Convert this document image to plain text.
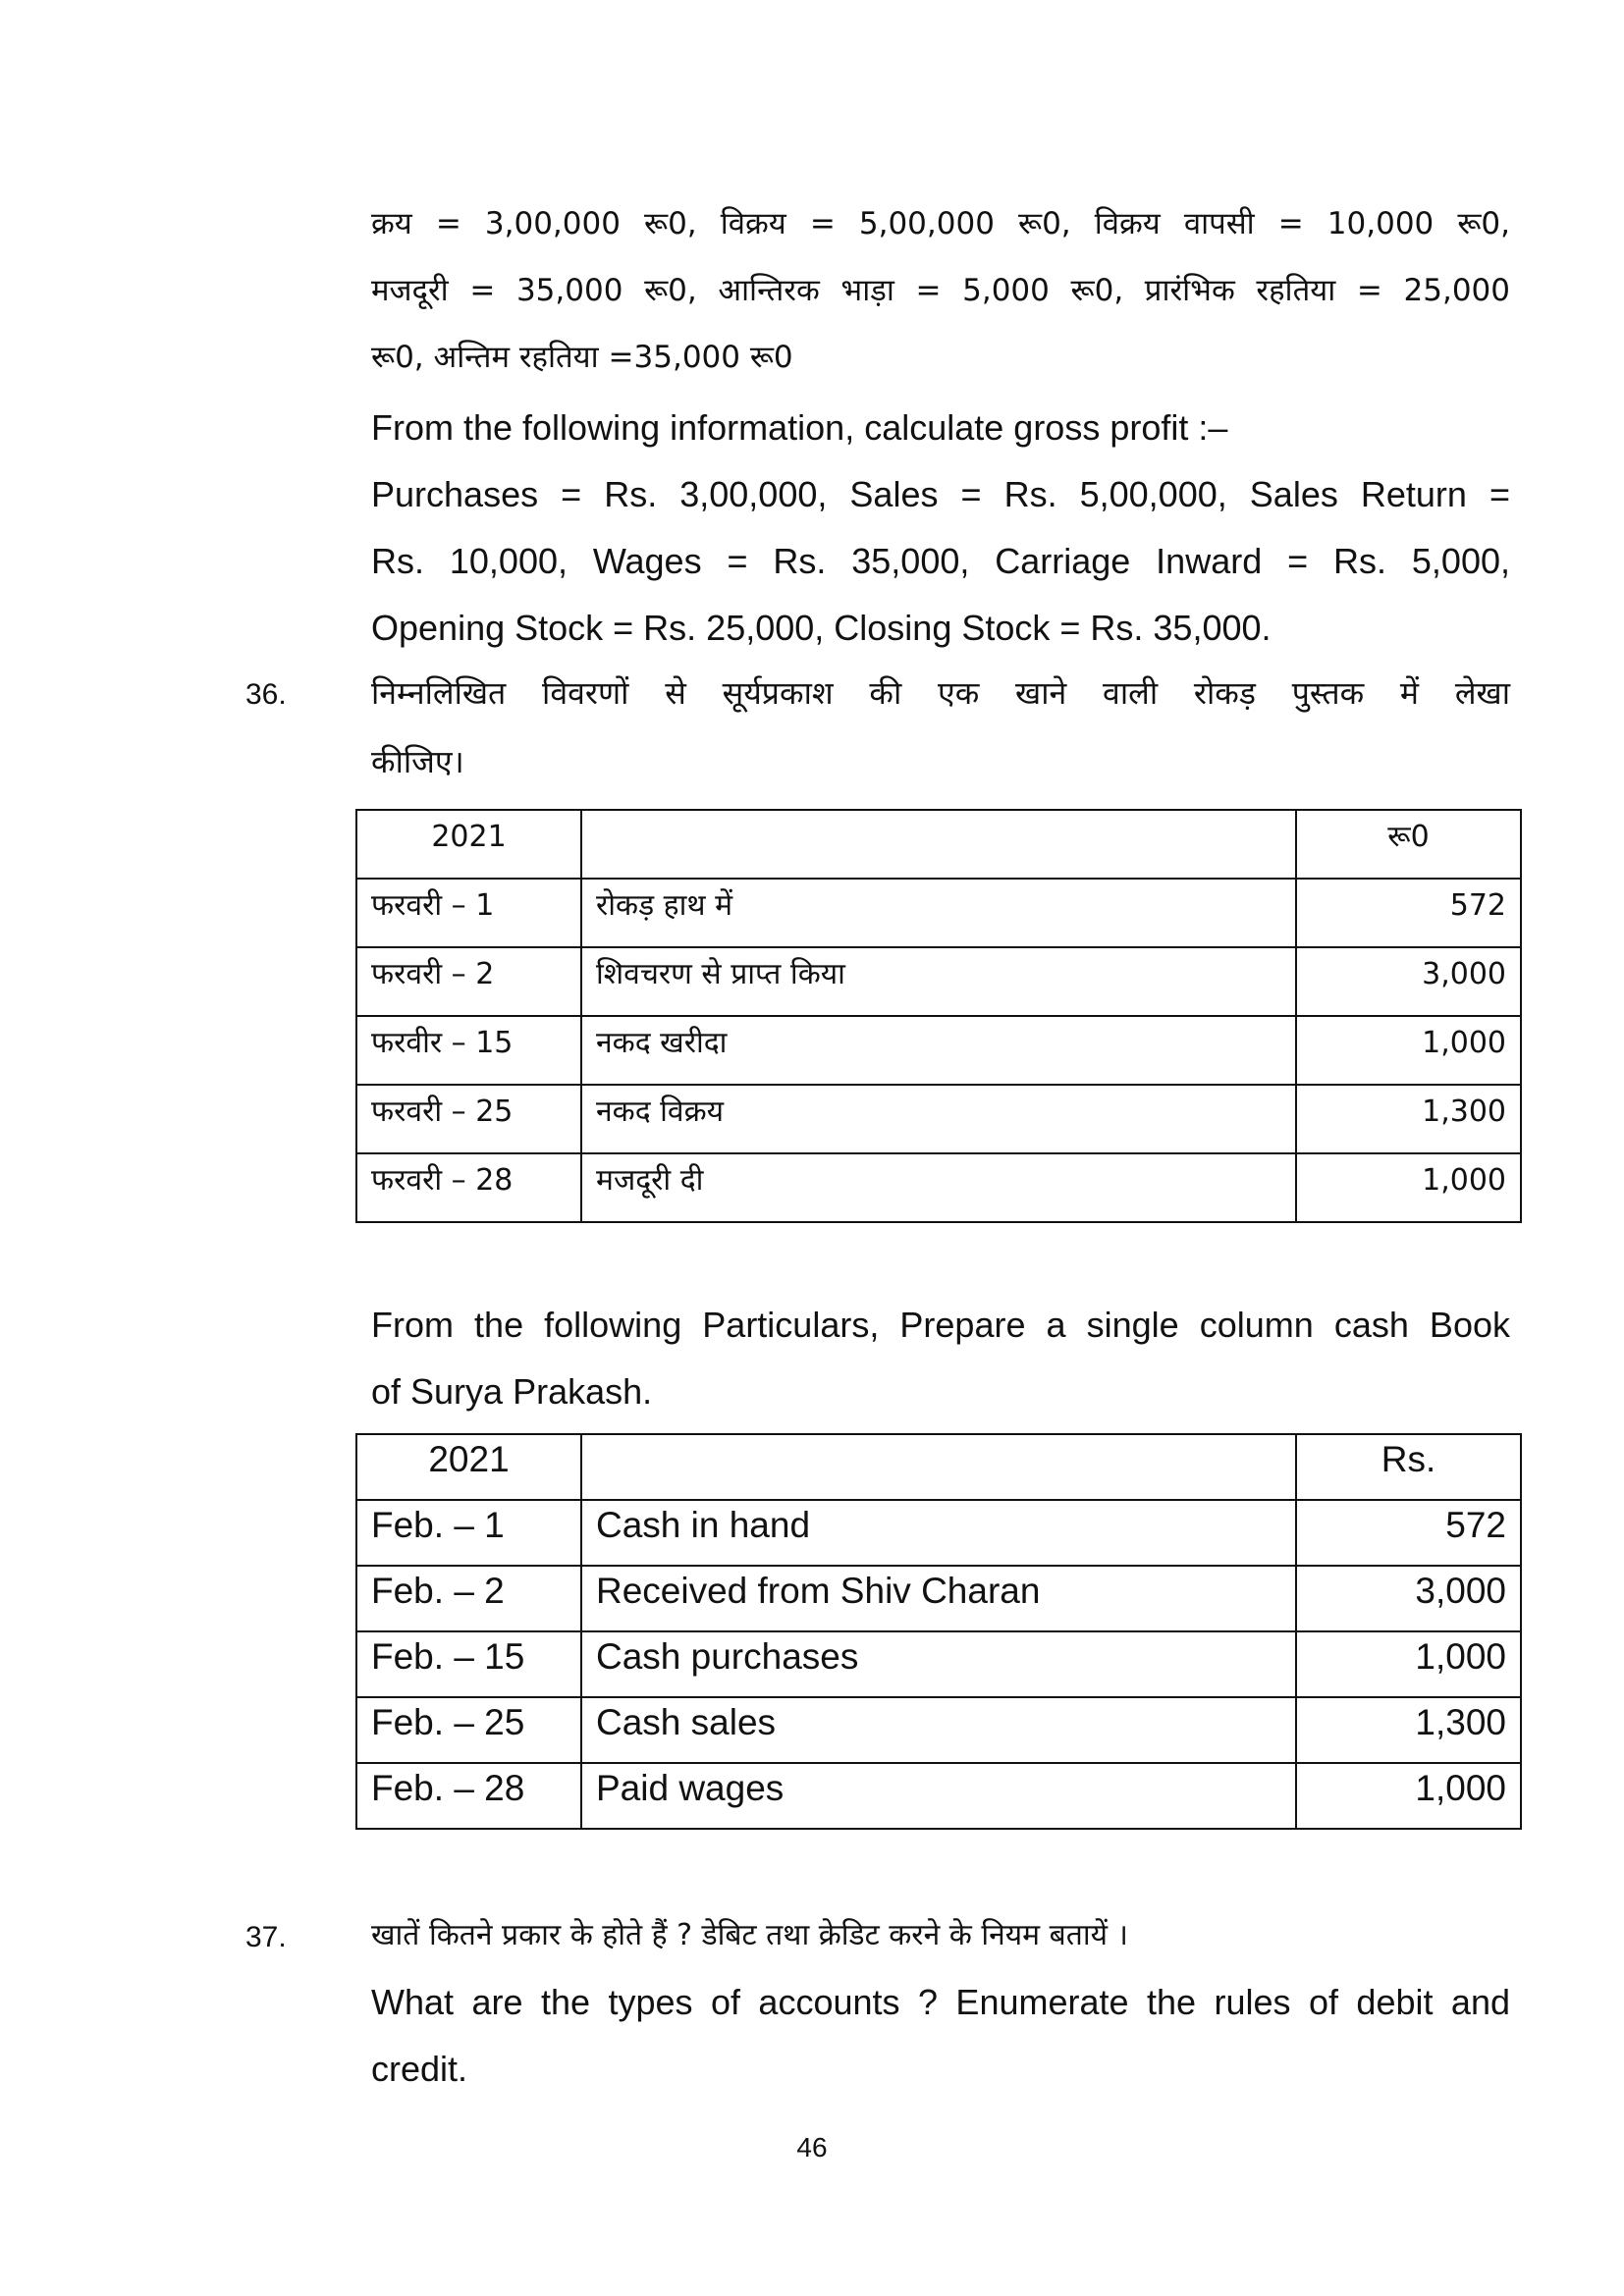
क्रय = 3,00,000 रू0, विक्रय = 5,00,000 रू0, विक्रय वापसी = 10,000 रू0,
मजदूरी = 35,000 रू0, आन्तिरक भाड़ा = 5,000 रू0, प्रारंभिक रहतिया = 25,000
रू0, अन्तिम रहतिया =35,000 रू0
From the following information, calculate gross profit :–
Purchases = Rs. 3,00,000, Sales = Rs. 5,00,000, Sales Return =
Rs. 10,000, Wages = Rs. 35,000, Carriage Inward = Rs. 5,000,
Opening Stock = Rs. 25,000, Closing Stock = Rs. 35,000.
36.	निम्नलिखित विवरणों से सूर्यप्रकाश की एक खाने वाली रोकड़ पुस्तक में लेखा
कीजिए।
2021		रू0
फरवरी – 1	रोकड़ हाथ में	572
फरवरी – 2	शिवचरण से प्राप्त किया	3,000
फरवीर – 15	नकद खरीदा	1,000
फरवरी – 25	नकद विक्रय	1,300
फरवरी – 28	मजदूरी दी	1,000
From the following Particulars, Prepare a single column cash Book
of Surya Prakash.
2021		Rs.
Feb. – 1	Cash in hand	572
Feb. – 2	Received from Shiv Charan	3,000
Feb. – 15	Cash purchases	1,000
Feb. – 25	Cash sales	1,300
Feb. – 28	Paid wages	1,000
37.	खातें कितने प्रकार के होते हैं ? डेबिट तथा क्रेडिट करने के नियम बतायें ।
What are the types of accounts ? Enumerate the rules of debit and
credit.
46
